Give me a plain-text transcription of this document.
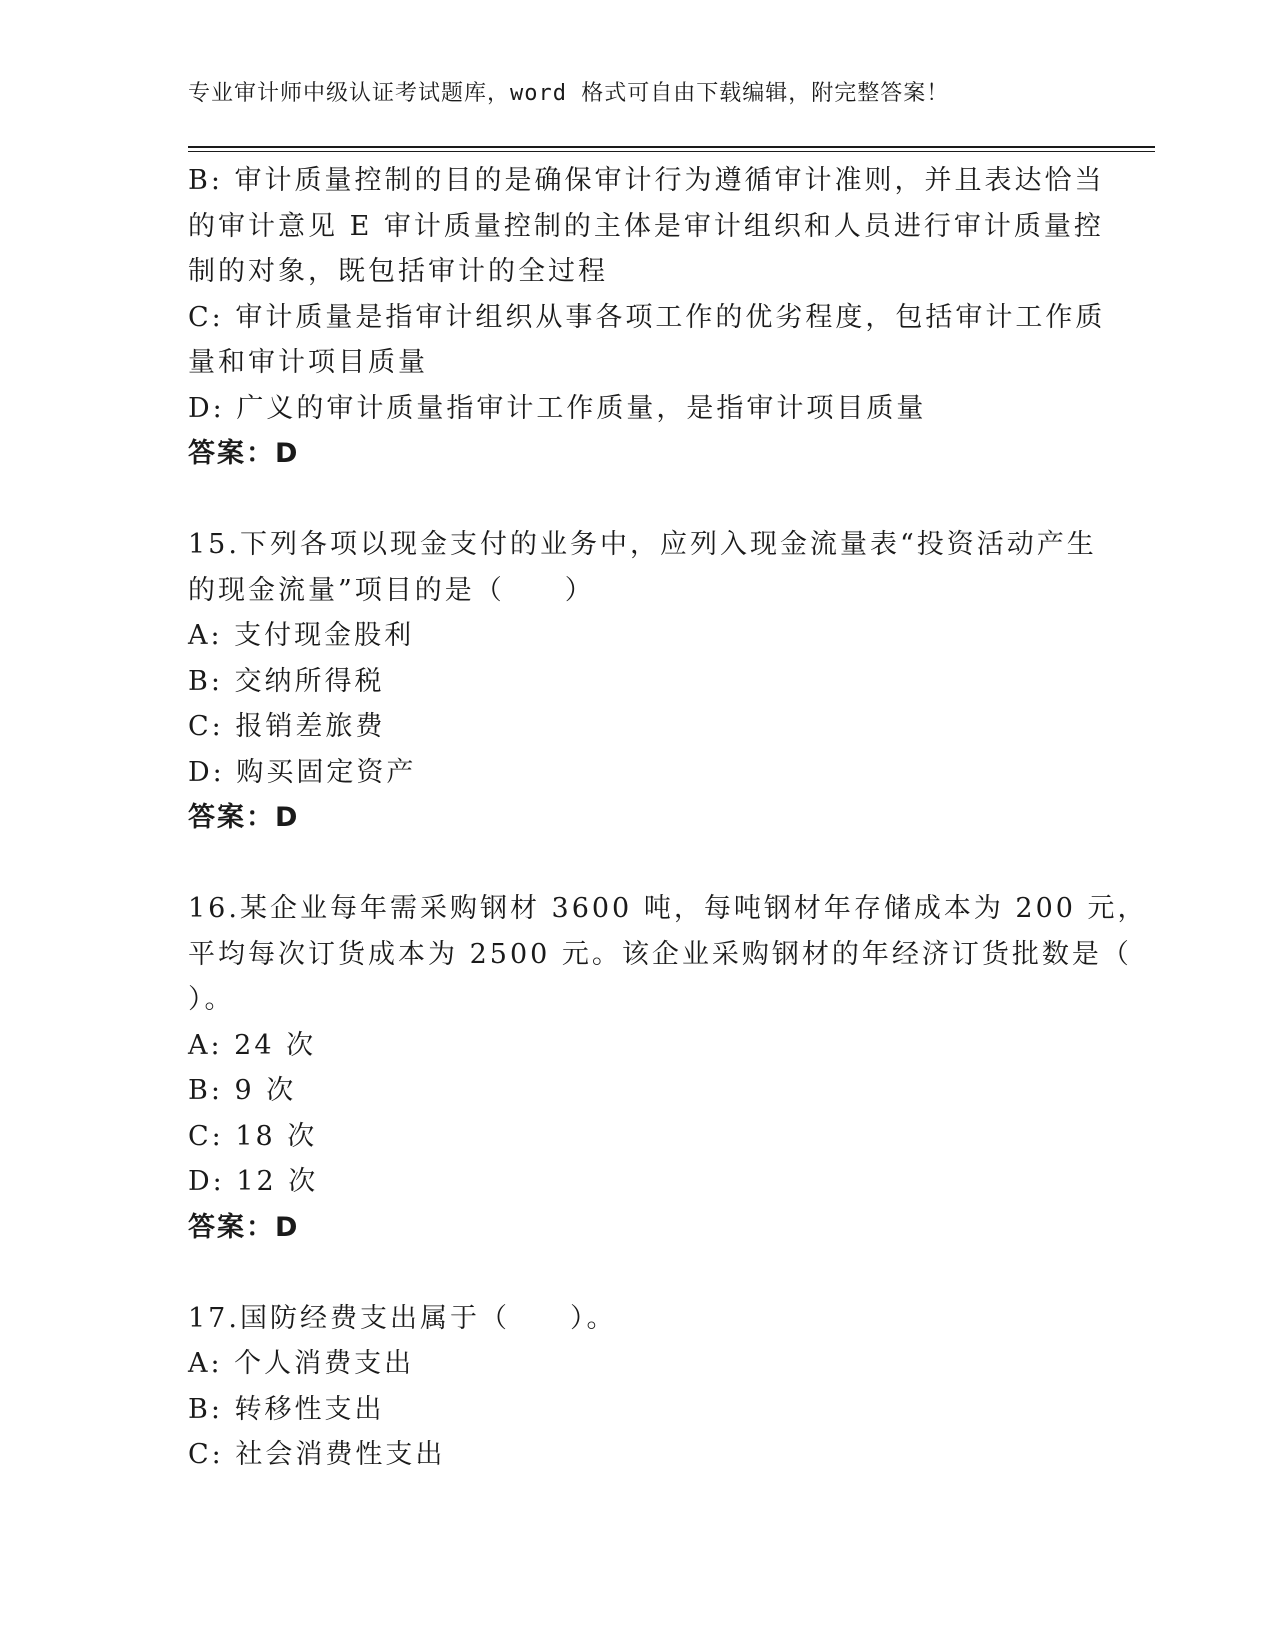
专业审计师中级认证考试题库，word 格式可自由下载编辑，附完整答案！
B: 审计质量控制的目的是确保审计行为遵循审计准则，并且表达恰当
的审计意见 E 审计质量控制的主体是审计组织和人员进行审计质量控
制的对象，既包括审计的全过程
C: 审计质量是指审计组织从事各项工作的优劣程度，包括审计工作质
量和审计项目质量
D: 广义的审计质量指审计工作质量，是指审计项目质量
答案：D
15.下列各项以现金支付的业务中，应列入现金流量表“投资活动产生
的现金流量”项目的是（　　）
A: 支付现金股利
B: 交纳所得税
C: 报销差旅费
D: 购买固定资产
答案：D
16.某企业每年需采购钢材 3600 吨，每吨钢材年存储成本为 200 元，
平均每次订货成本为 2500 元。该企业采购钢材的年经济订货批数是（
）。
A: 24 次
B: 9 次
C: 18 次
D: 12 次
答案：D
17.国防经费支出属于（　　）。
A: 个人消费支出
B: 转移性支出
C: 社会消费性支出
